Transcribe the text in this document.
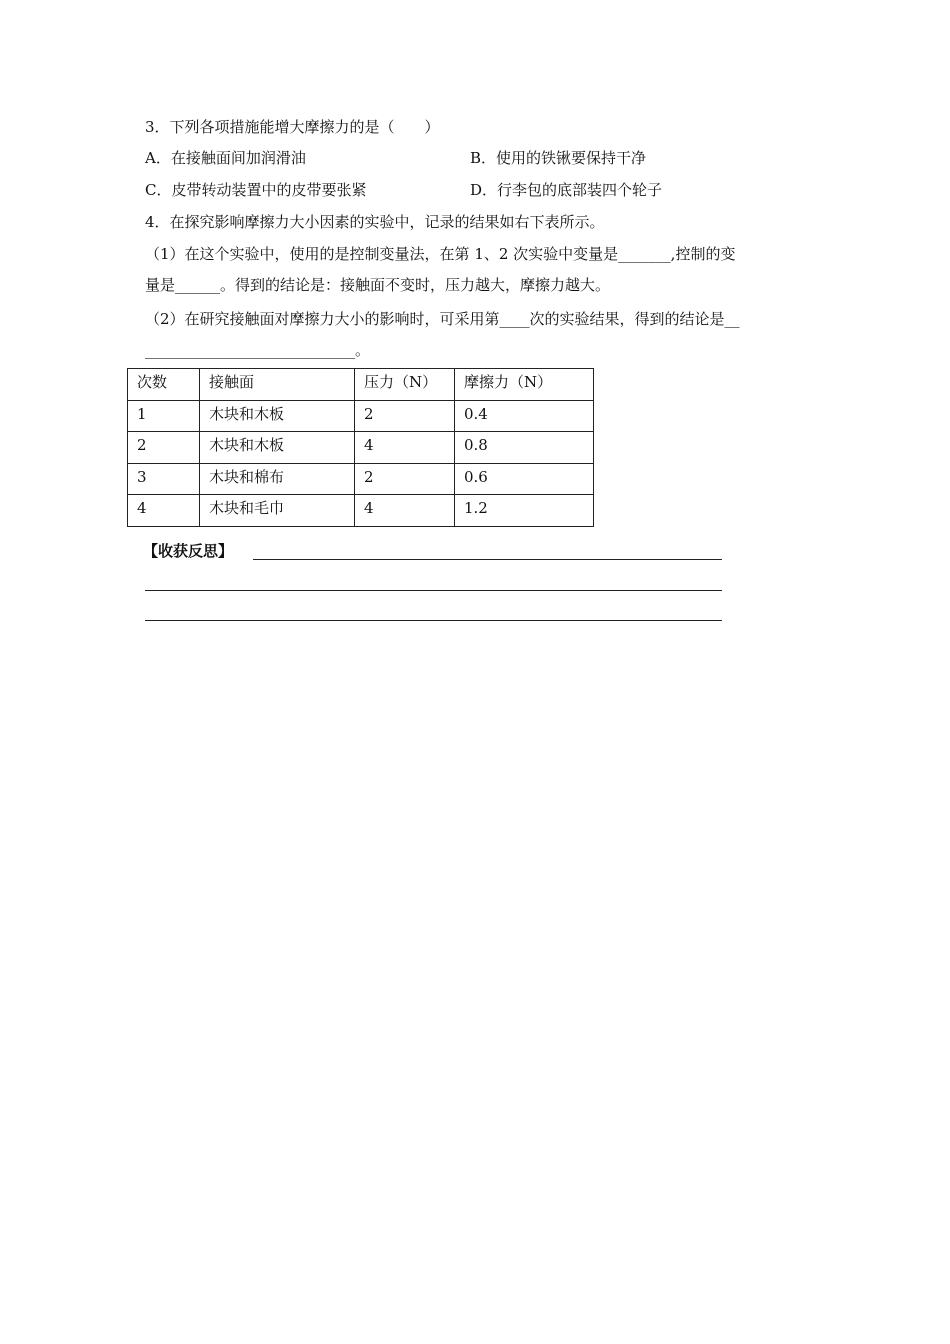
3．下列各项措施能增大摩擦力的是（　　）
A．在接触面间加润滑油	B．使用的铁锹要保持干净
C．皮带转动装置中的皮带要张紧	D．行李包的底部装四个轮子
4．在探究影响摩擦力大小因素的实验中，记录的结果如右下表所示。
（1）在这个实验中，使用的是控制变量法，在第 1、2 次实验中变量是_______,控制的变
量是______。得到的结论是：接触面不变时，压力越大，摩擦力越大。
（2）在研究接触面对摩擦力大小的影响时，可采用第____次的实验结果，得到的结论是__
____________________________。
次数	接触面	压力（N）	摩擦力（N）
1	木块和木板	2	0.4
2	木块和木板	4	0.8
3	木块和棉布	2	0.6
4	木块和毛巾	4	1.2
【收获反思】
